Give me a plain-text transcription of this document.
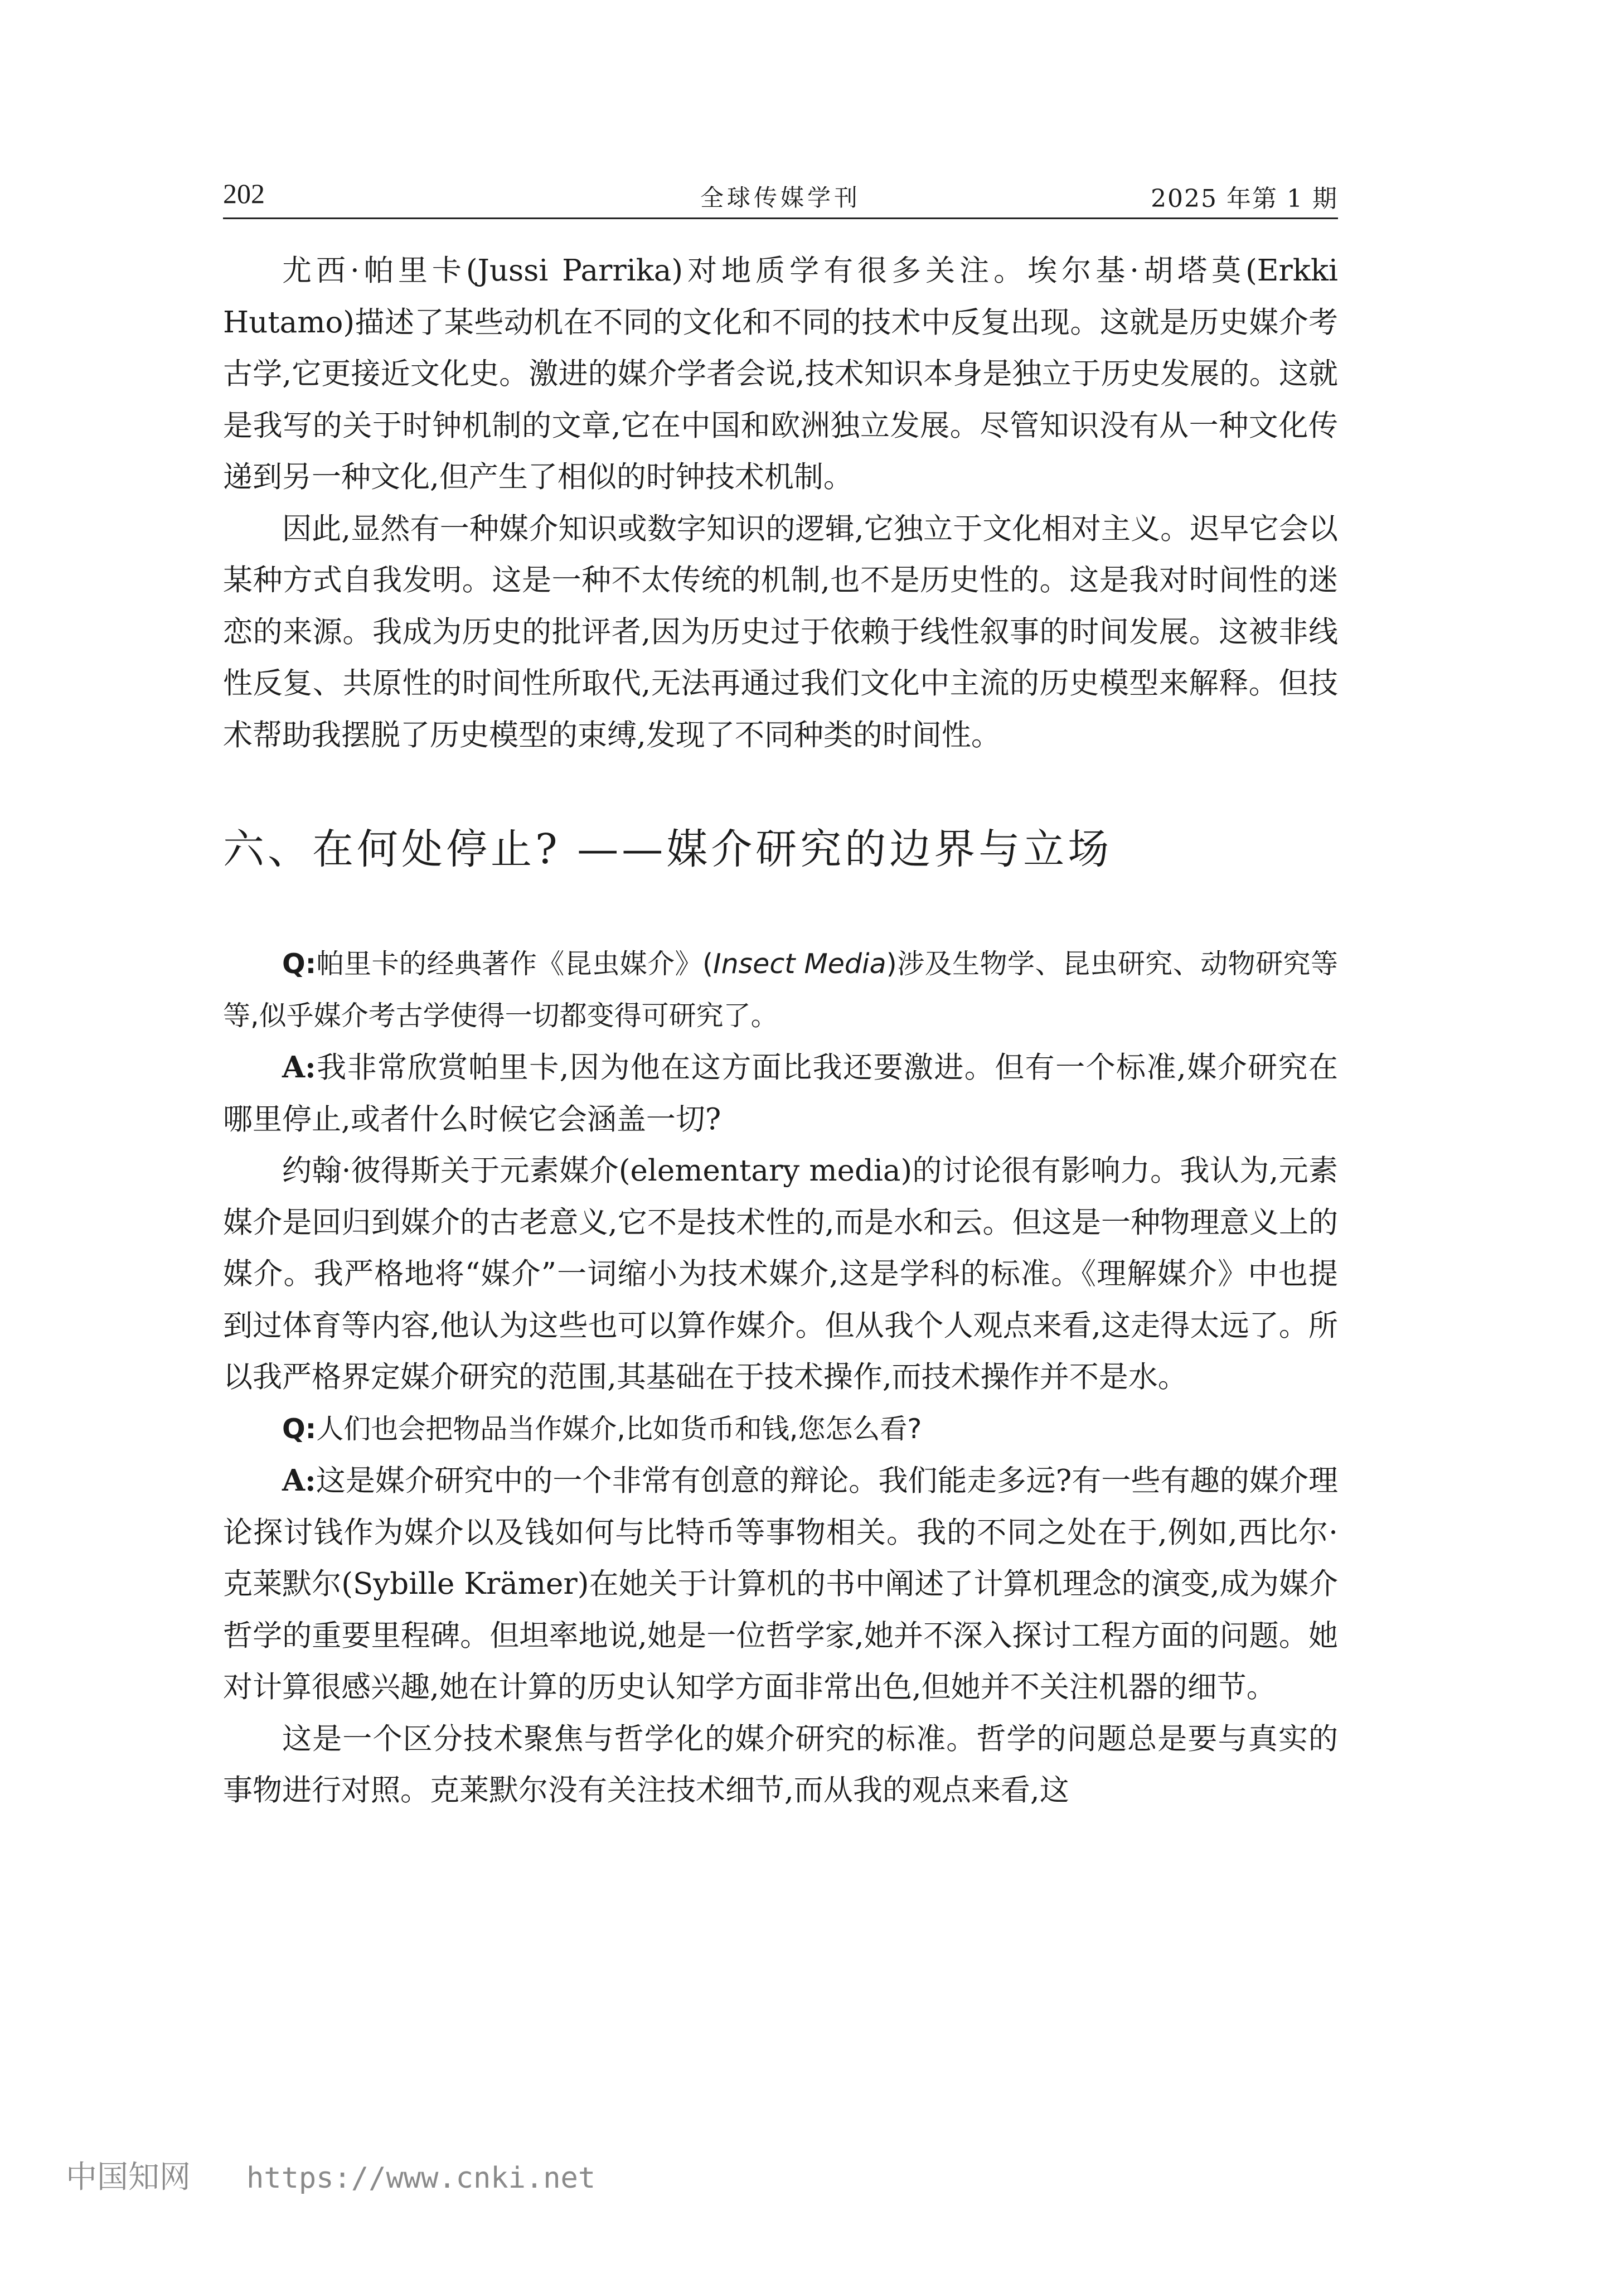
202	全球传媒学刊	2025 年第 1 期

尤西·帕里卡(Jussi Parrika)对地质学有很多关注。埃尔基·胡塔莫(Erkki Hutamo)描述了某些动机在不同的文化和不同的技术中反复出现。这就是历史媒介考古学,它更接近文化史。激进的媒介学者会说,技术知识本身是独立于历史发展的。这就是我写的关于时钟机制的文章,它在中国和欧洲独立发展。尽管知识没有从一种文化传递到另一种文化,但产生了相似的时钟技术机制。

因此,显然有一种媒介知识或数字知识的逻辑,它独立于文化相对主义。迟早它会以某种方式自我发明。这是一种不太传统的机制,也不是历史性的。这是我对时间性的迷恋的来源。我成为历史的批评者,因为历史过于依赖于线性叙事的时间发展。这被非线性反复、共原性的时间性所取代,无法再通过我们文化中主流的历史模型来解释。但技术帮助我摆脱了历史模型的束缚,发现了不同种类的时间性。

六、在何处停止? ——媒介研究的边界与立场

Q:帕里卡的经典著作《昆虫媒介》(Insect Media)涉及生物学、昆虫研究、动物研究等等,似乎媒介考古学使得一切都变得可研究了。

A:我非常欣赏帕里卡,因为他在这方面比我还要激进。但有一个标准,媒介研究在哪里停止,或者什么时候它会涵盖一切?

约翰·彼得斯关于元素媒介(elementary media)的讨论很有影响力。我认为,元素媒介是回归到媒介的古老意义,它不是技术性的,而是水和云。但这是一种物理意义上的媒介。我严格地将“媒介”一词缩小为技术媒介,这是学科的标准。《理解媒介》中也提到过体育等内容,他认为这些也可以算作媒介。但从我个人观点来看,这走得太远了。所以我严格界定媒介研究的范围,其基础在于技术操作,而技术操作并不是水。

Q:人们也会把物品当作媒介,比如货币和钱,您怎么看?

A:这是媒介研究中的一个非常有创意的辩论。我们能走多远?有一些有趣的媒介理论探讨钱作为媒介以及钱如何与比特币等事物相关。我的不同之处在于,例如,西比尔·克莱默尔(Sybille Krämer)在她关于计算机的书中阐述了计算机理念的演变,成为媒介哲学的重要里程碑。但坦率地说,她是一位哲学家,她并不深入探讨工程方面的问题。她对计算很感兴趣,她在计算的历史认知学方面非常出色,但她并不关注机器的细节。

这是一个区分技术聚焦与哲学化的媒介研究的标准。哲学的问题总是要与真实的事物进行对照。克莱默尔没有关注技术细节,而从我的观点来看,这

中国知网 https://www.cnki.net
